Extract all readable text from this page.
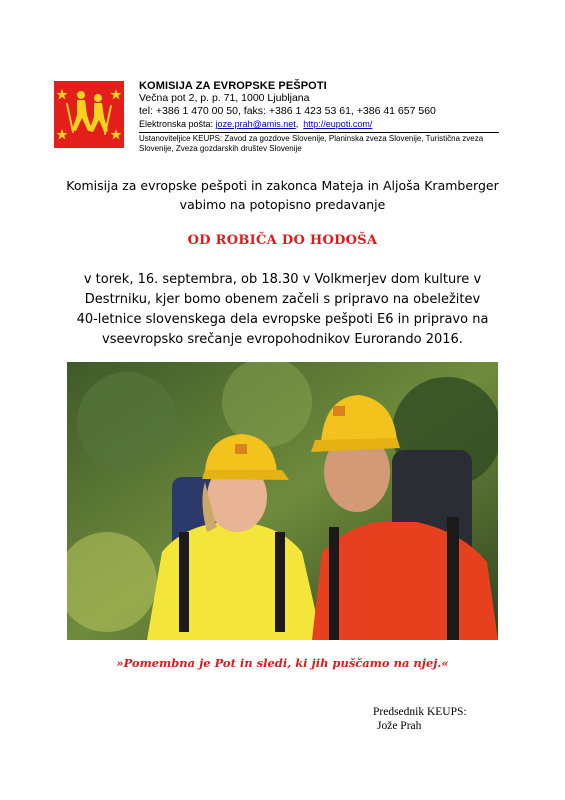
KOMISIJA ZA EVROPSKE PEŠPOTI
Večna pot 2, p. p. 71, 1000 Ljubljana
tel: +386 1 470 00 50, faks: +386 1 423 53 61, +386 41 657 560
Elektronska pošta: joze.prah@amis.net, http://eupoti.com/
Ustanovitelјice KEUPS: Zavod za gozdove Slovenije, Planinska zveza Slovenije, Turistična zveza Slovenije, Zveza gozdarskih društev Slovenije
Komisija za evropske pešpoti in zakonca Mateja in Aljoša Kramberger
vabimo na potopisno predavanje
OD ROBIČA DO HODOŠA
v torek, 16. septembra, ob 18.30 v Volkmerjev dom kulture v
Destrniku, kjer bomo obenem začeli s pripravo na obeležitev
40-letnice slovenskega dela evropske pešpoti E6 in pripravo na
vseevropsko srečanje evropohodnikov Eurorando 2016.
»Pomembna je Pot in sledi, ki jih puščamo na njej.«
Predsednik KEUPS:
Jože Prah
